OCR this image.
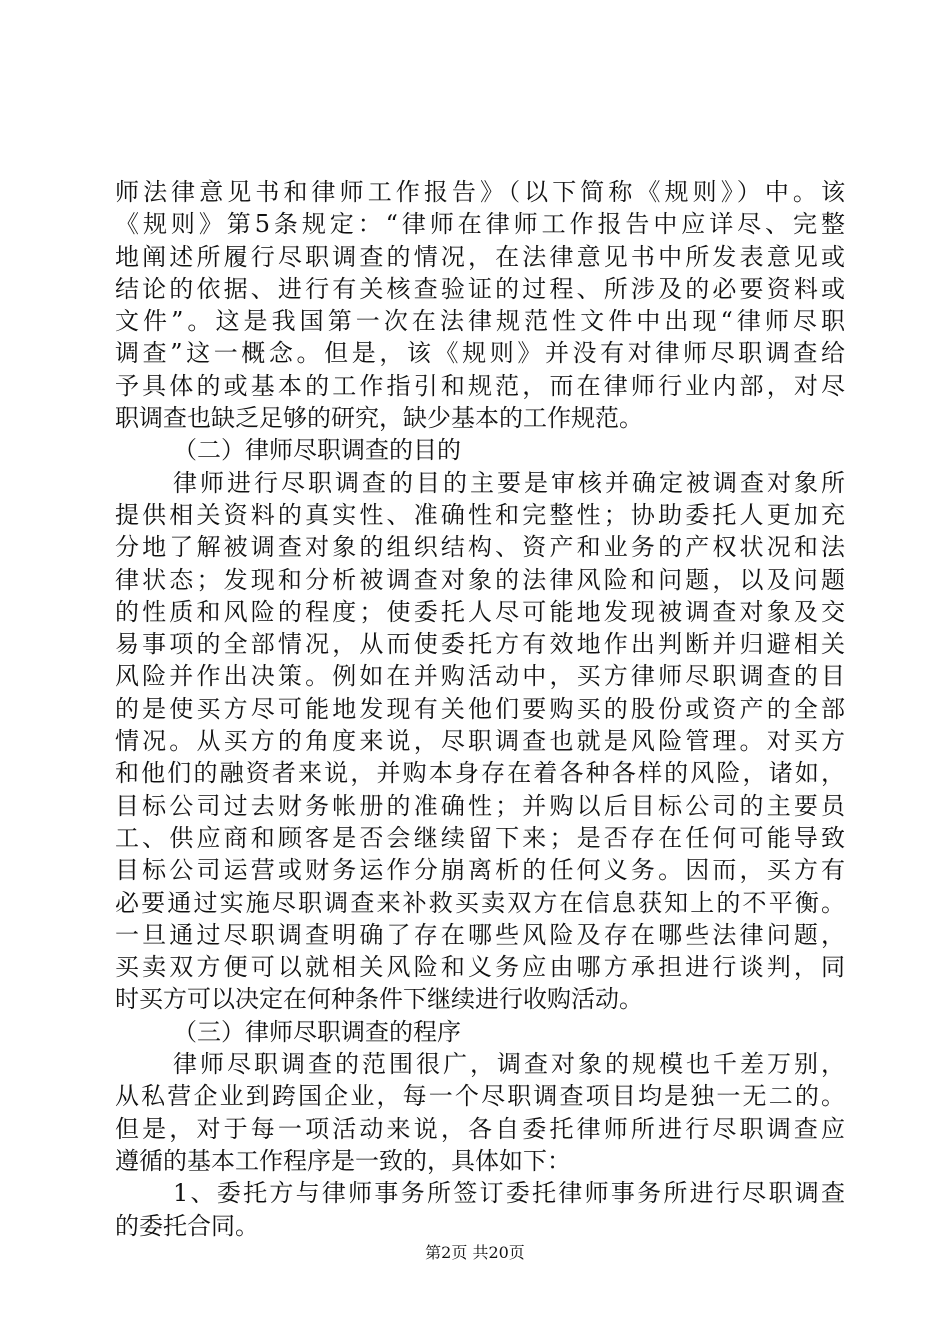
师法律意见书和律师工作报告》（以下简称《规则》）中。该
《规则》第5条规定：“律师在律师工作报告中应详尽、完整
地阐述所履行尽职调查的情况，在法律意见书中所发表意见或
结论的依据、进行有关核查验证的过程、所涉及的必要资料或
文件”。这是我国第一次在法律规范性文件中出现“律师尽职
调查”这一概念。但是，该《规则》并没有对律师尽职调查给
予具体的或基本的工作指引和规范，而在律师行业内部，对尽
职调查也缺乏足够的研究，缺少基本的工作规范。
（二）律师尽职调查的目的
律师进行尽职调查的目的主要是审核并确定被调查对象所
提供相关资料的真实性、准确性和完整性；协助委托人更加充
分地了解被调查对象的组织结构、资产和业务的产权状况和法
律状态；发现和分析被调查对象的法律风险和问题，以及问题
的性质和风险的程度；使委托人尽可能地发现被调查对象及交
易事项的全部情况，从而使委托方有效地作出判断并归避相关
风险并作出决策。例如在并购活动中，买方律师尽职调查的目
的是使买方尽可能地发现有关他们要购买的股份或资产的全部
情况。从买方的角度来说，尽职调查也就是风险管理。对买方
和他们的融资者来说，并购本身存在着各种各样的风险，诸如，
目标公司过去财务帐册的准确性；并购以后目标公司的主要员
工、供应商和顾客是否会继续留下来；是否存在任何可能导致
目标公司运营或财务运作分崩离析的任何义务。因而，买方有
必要通过实施尽职调查来补救买卖双方在信息获知上的不平衡。
一旦通过尽职调查明确了存在哪些风险及存在哪些法律问题，
买卖双方便可以就相关风险和义务应由哪方承担进行谈判，同
时买方可以决定在何种条件下继续进行收购活动。
（三）律师尽职调查的程序
律师尽职调查的范围很广，调查对象的规模也千差万别，
从私营企业到跨国企业，每一个尽职调查项目均是独一无二的。
但是，对于每一项活动来说，各自委托律师所进行尽职调查应
遵循的基本工作程序是一致的，具体如下：
1、委托方与律师事务所签订委托律师事务所进行尽职调查
的委托合同。
第2页 共20页
